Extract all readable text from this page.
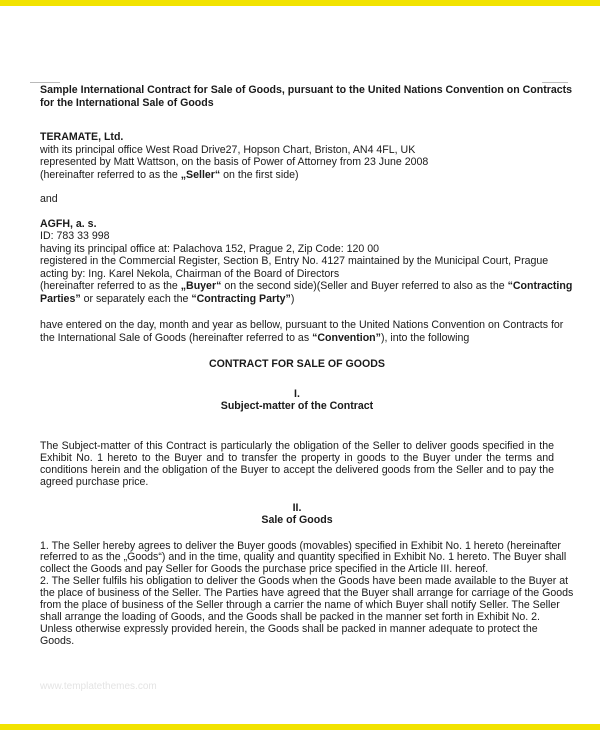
Sample International Contract for Sale of Goods, pursuant to the United Nations Convention on Contracts
for the International Sale of Goods
TERAMATE, Ltd.
with its principal office West Road Drive27, Hopson Chart, Briston, AN4 4FL, UK
represented by Matt Wattson, on the basis of Power of Attorney from 23 June 2008
(hereinafter referred to as the „Seller“ on the first side)
and
AGFH, a. s.
ID: 783 33 998
having its principal office at: Palachova 152, Prague 2, Zip Code: 120 00
registered in the Commercial Register, Section B, Entry No. 4127 maintained by the Municipal Court, Prague
acting by: Ing. Karel Nekola, Chairman of the Board of Directors
(hereinafter referred to as the „Buyer“ on the second side)(Seller and Buyer referred to also as the “Contracting
Parties” or separately each the “Contracting Party”)
have entered on the day, month and year as bellow, pursuant to the United Nations Convention on Contracts for
the International Sale of Goods (hereinafter referred to as “Convention”), into the following
CONTRACT FOR SALE OF GOODS
I.
Subject-matter of the Contract
The Subject-matter of this Contract is particularly the obligation of the Seller to deliver goods specified in the Exhibit No. 1 hereto to the Buyer and to transfer the property in goods to the Buyer under the terms and conditions herein and the obligation of the Buyer to accept the delivered goods from the Seller and to pay the agreed purchase price.
II.
Sale of Goods
1. The Seller hereby agrees to deliver the Buyer goods (movables) specified in Exhibit No. 1 hereto (hereinafter
referred to as the „Goods“) and in the time, quality and quantity specified in Exhibit No. 1 hereto. The Buyer shall
collect the Goods and pay Seller for Goods the purchase price specified in the Article III. hereof.
2. The Seller fulfils his obligation to deliver the Goods when the Goods have been made available to the Buyer at
the place of business of the Seller. The Parties have agreed that the Buyer shall arrange for carriage of the Goods
from the place of business of the Seller through a carrier the name of which Buyer shall notify Seller. The Seller
shall arrange the loading of Goods, and the Goods shall be packed in the manner set forth in Exhibit No. 2.
Unless otherwise expressly provided herein, the Goods shall be packed in manner adequate to protect the
Goods.
www.templatethemes.com
